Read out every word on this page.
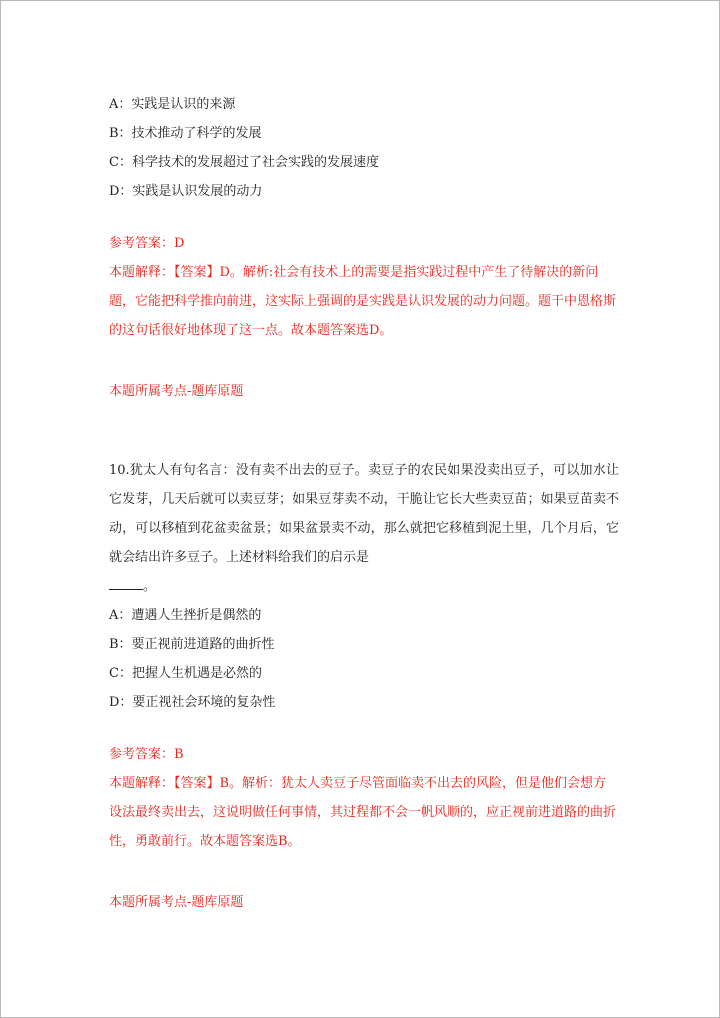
A：实践是认识的来源
B：技术推动了科学的发展
C：科学技术的发展超过了社会实践的发展速度
D：实践是认识发展的动力
参考答案：D
本题解释：【答案】D。解析:社会有技术上的需要是指实践过程中产生了待解决的新问题，它能把科学推向前进，这实际上强调的是实践是认识发展的动力问题。题干中恩格斯的这句话很好地体现了这一点。故本题答案选D。
本题所属考点-题库原题
10.犹太人有句名言：没有卖不出去的豆子。卖豆子的农民如果没卖出豆子，可以加水让它发芽，几天后就可以卖豆芽；如果豆芽卖不动，干脆让它长大些卖豆苗；如果豆苗卖不动，可以移植到花盆卖盆景；如果盆景卖不动，那么就把它移植到泥土里，几个月后，它就会结出许多豆子。上述材料给我们的启示是
。
A：遭遇人生挫折是偶然的
B：要正视前进道路的曲折性
C：把握人生机遇是必然的
D：要正视社会环境的复杂性
参考答案：B
本题解释：【答案】B。解析：犹太人卖豆子尽管面临卖不出去的风险，但是他们会想方设法最终卖出去，这说明做任何事情，其过程都不会一帆风顺的，应正视前进道路的曲折性，勇敢前行。故本题答案选B。
本题所属考点-题库原题
